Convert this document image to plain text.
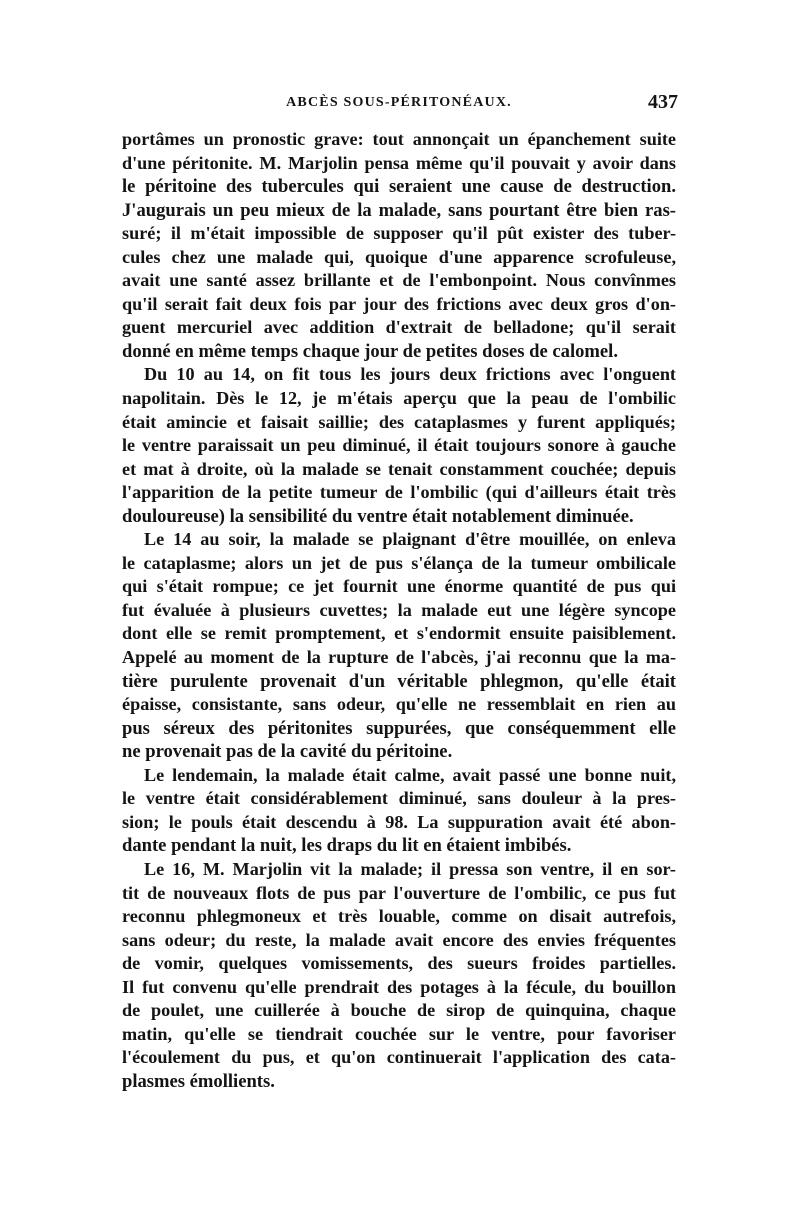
ABCÈS SOUS-PÉRITONÉAUX.	437
portâmes un pronostic grave: tout annonçait un épanchement suite
d'une péritonite. M. Marjolin pensa même qu'il pouvait y avoir dans
le péritoine des tubercules qui seraient une cause de destruction.
J'augurais un peu mieux de la malade, sans pourtant être bien ras-
suré; il m'était impossible de supposer qu'il pût exister des tuber-
cules chez une malade qui, quoique d'une apparence scrofuleuse,
avait une santé assez brillante et de l'embonpoint. Nous convînmes
qu'il serait fait deux fois par jour des frictions avec deux gros d'on-
guent mercuriel avec addition d'extrait de belladone; qu'il serait
donné en même temps chaque jour de petites doses de calomel.
Du 10 au 14, on fit tous les jours deux frictions avec l'onguent
napolitain. Dès le 12, je m'étais aperçu que la peau de l'ombilic
était amincie et faisait saillie; des cataplasmes y furent appliqués;
le ventre paraissait un peu diminué, il était toujours sonore à gauche
et mat à droite, où la malade se tenait constamment couchée; depuis
l'apparition de la petite tumeur de l'ombilic (qui d'ailleurs était très
douloureuse) la sensibilité du ventre était notablement diminuée.
Le 14 au soir, la malade se plaignant d'être mouillée, on enleva
le cataplasme; alors un jet de pus s'élança de la tumeur ombilicale
qui s'était rompue; ce jet fournit une énorme quantité de pus qui
fut évaluée à plusieurs cuvettes; la malade eut une légère syncope
dont elle se remit promptement, et s'endormit ensuite paisiblement.
Appelé au moment de la rupture de l'abcès, j'ai reconnu que la ma-
tière purulente provenait d'un véritable phlegmon, qu'elle était
épaisse, consistante, sans odeur, qu'elle ne ressemblait en rien au
pus séreux des péritonites suppurées, que conséquemment elle
ne provenait pas de la cavité du péritoine.
Le lendemain, la malade était calme, avait passé une bonne nuit,
le ventre était considérablement diminué, sans douleur à la pres-
sion; le pouls était descendu à 98. La suppuration avait été abon-
dante pendant la nuit, les draps du lit en étaient imbibés.
Le 16, M. Marjolin vit la malade; il pressa son ventre, il en sor-
tit de nouveaux flots de pus par l'ouverture de l'ombilic, ce pus fut
reconnu phlegmoneux et très louable, comme on disait autrefois,
sans odeur; du reste, la malade avait encore des envies fréquentes
de vomir, quelques vomissements, des sueurs froides partielles.
Il fut convenu qu'elle prendrait des potages à la fécule, du bouillon
de poulet, une cuillerée à bouche de sirop de quinquina, chaque
matin, qu'elle se tiendrait couchée sur le ventre, pour favoriser
l'écoulement du pus, et qu'on continuerait l'application des cata-
plasmes émollients.
